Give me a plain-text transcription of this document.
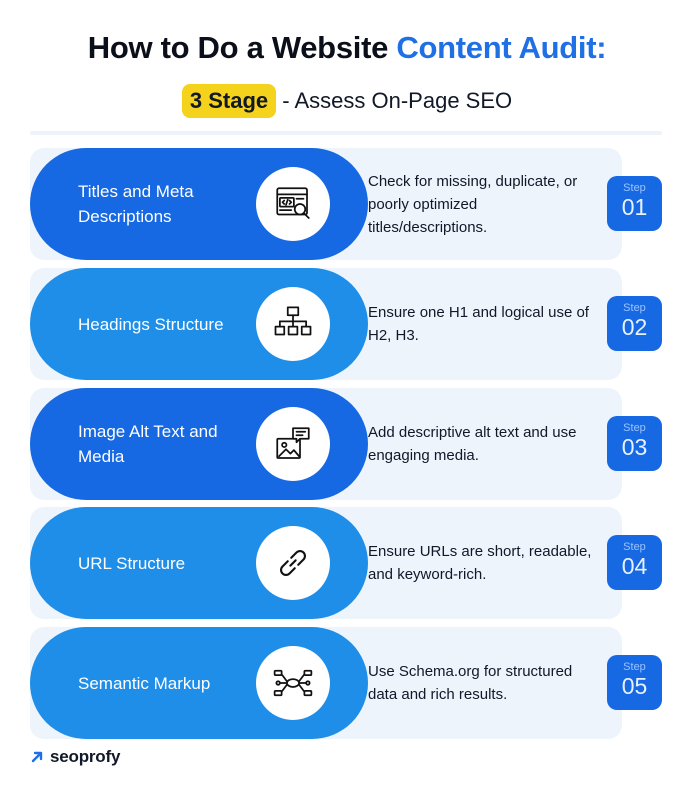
How to Do a Website Content Audit:
3 Stage - Assess On-Page SEO
Titles and Meta Descriptions
Check for missing, duplicate, or poorly optimized titles/descriptions.
Step
01
Headings Structure
Ensure one H1 and logical use of H2, H3.
Step
02
Image Alt Text and Media
Add descriptive alt text and use engaging media.
Step
03
URL Structure
Ensure URLs are short, readable, and keyword-rich.
Step
04
Semantic Markup
Use Schema.org for structured data and rich results.
Step
05
seoprofy
